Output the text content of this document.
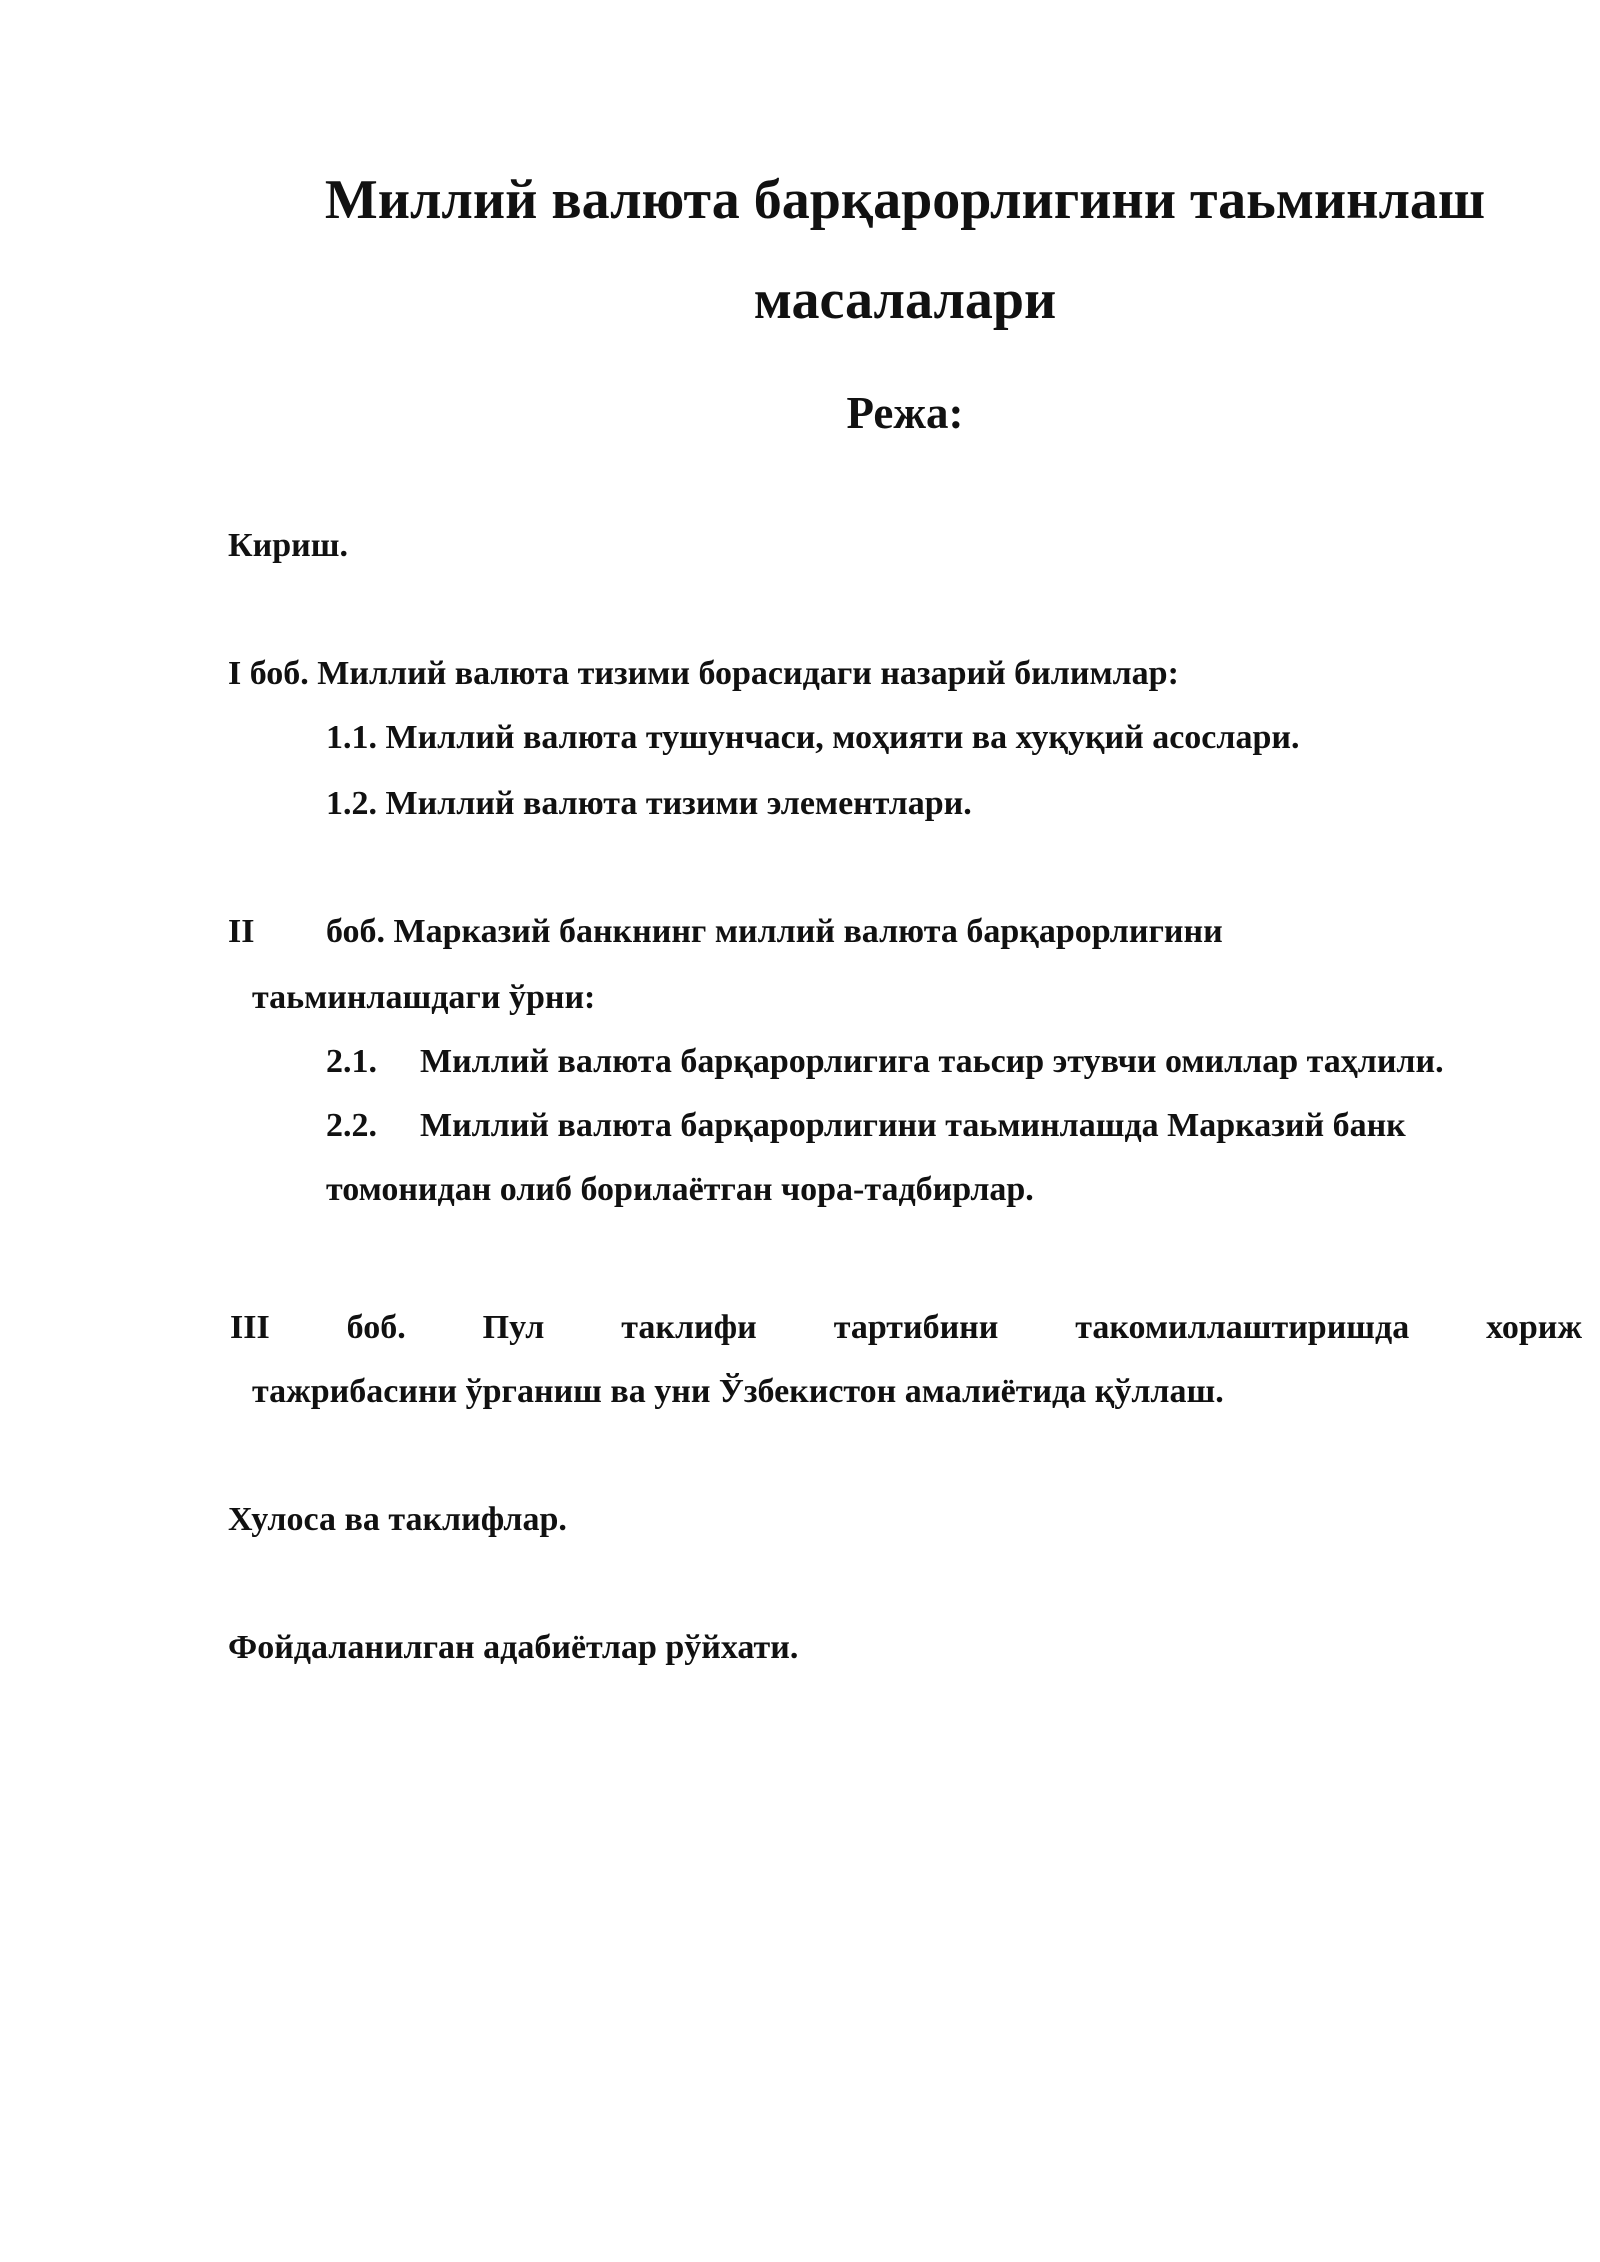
Миллий валюта барқарорлигини таьминлаш
масалалари
Режа:
Кириш.
I боб. Миллий валюта тизими борасидаги назарий билимлар:
1.1. Миллий валюта тушунчаси, моҳияти ва хуқуқий асослари.
1.2. Миллий валюта тизими элементлари.
II боб. Марказий банкнинг миллий валюта барқарорлигини
таьминлашдаги ўрни:
2.1. Миллий валюта барқарорлигига таьсир этувчи омиллар таҳлили.
2.2. Миллий валюта барқарорлигини таьминлашда Марказий банк
томонидан олиб борилаётган чора-тадбирлар.
III боб. Пул таклифи тартибини такомиллаштиришда хориж
тажрибасини ўрганиш ва уни Ўзбекистон амалиётида қўллаш.
Хулоса ва таклифлар.
Фойдаланилган адабиётлар рўйхати.
